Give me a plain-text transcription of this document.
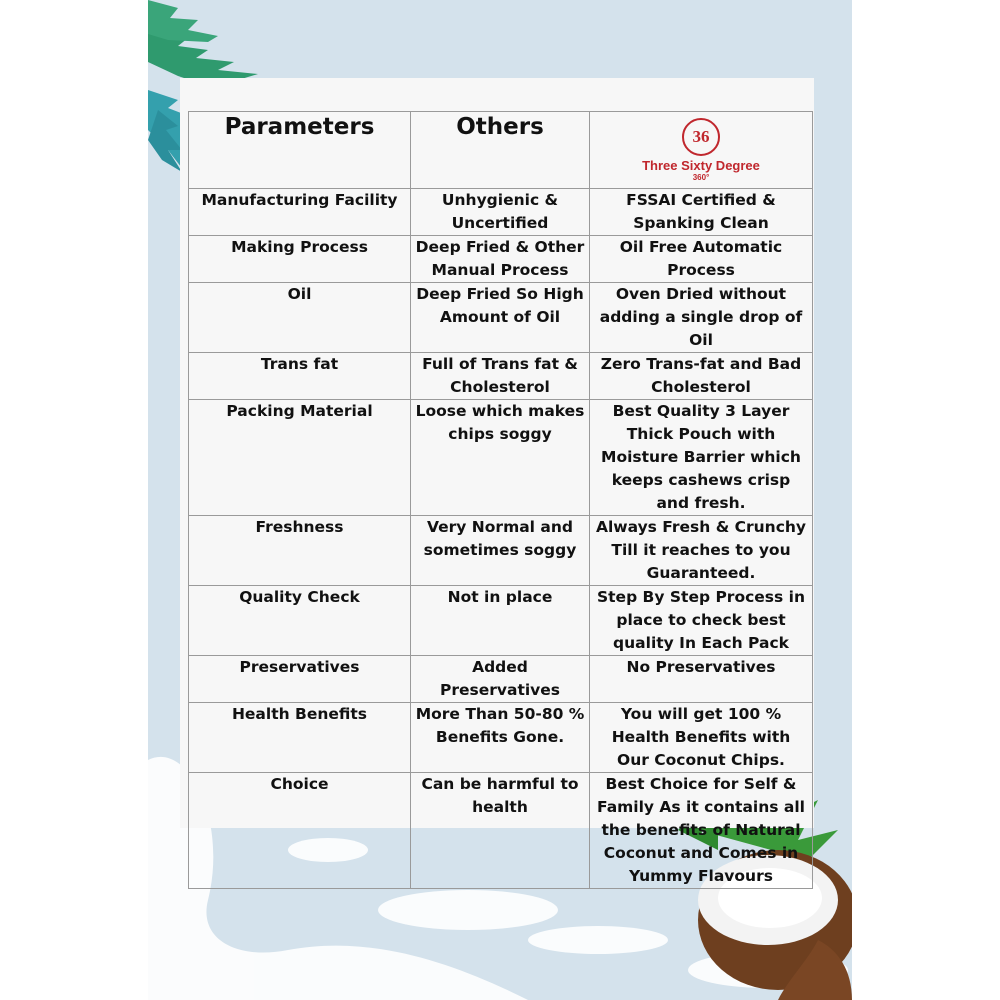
Parameters	Others	36
Three Sixty Degree
360°

Manufacturing Facility	Unhygienic & Uncertified	FSSAI Certified & Spanking Clean
Making Process	Deep Fried & Other Manual Process	Oil Free Automatic Process
Oil	Deep Fried So High Amount of Oil	Oven Dried without adding a single drop of Oil
Trans fat	Full of Trans fat & Cholesterol	Zero Trans-fat and Bad Cholesterol
Packing Material	Loose which makes chips soggy	Best Quality 3 Layer Thick Pouch with Moisture Barrier which keeps cashews crisp and fresh.
Freshness	Very Normal and sometimes soggy	Always Fresh & Crunchy Till it reaches to you Guaranteed.
Quality Check	Not in place	Step By Step Process in place to check best quality In Each Pack
Preservatives	Added Preservatives	No Preservatives
Health Benefits	More Than 50-80 % Benefits Gone.	You will get 100 % Health Benefits with Our Coconut Chips.
Choice	Can be harmful to health	Best Choice for Self & Family As it contains all the benefits of Natural Coconut and Comes in Yummy Flavours
